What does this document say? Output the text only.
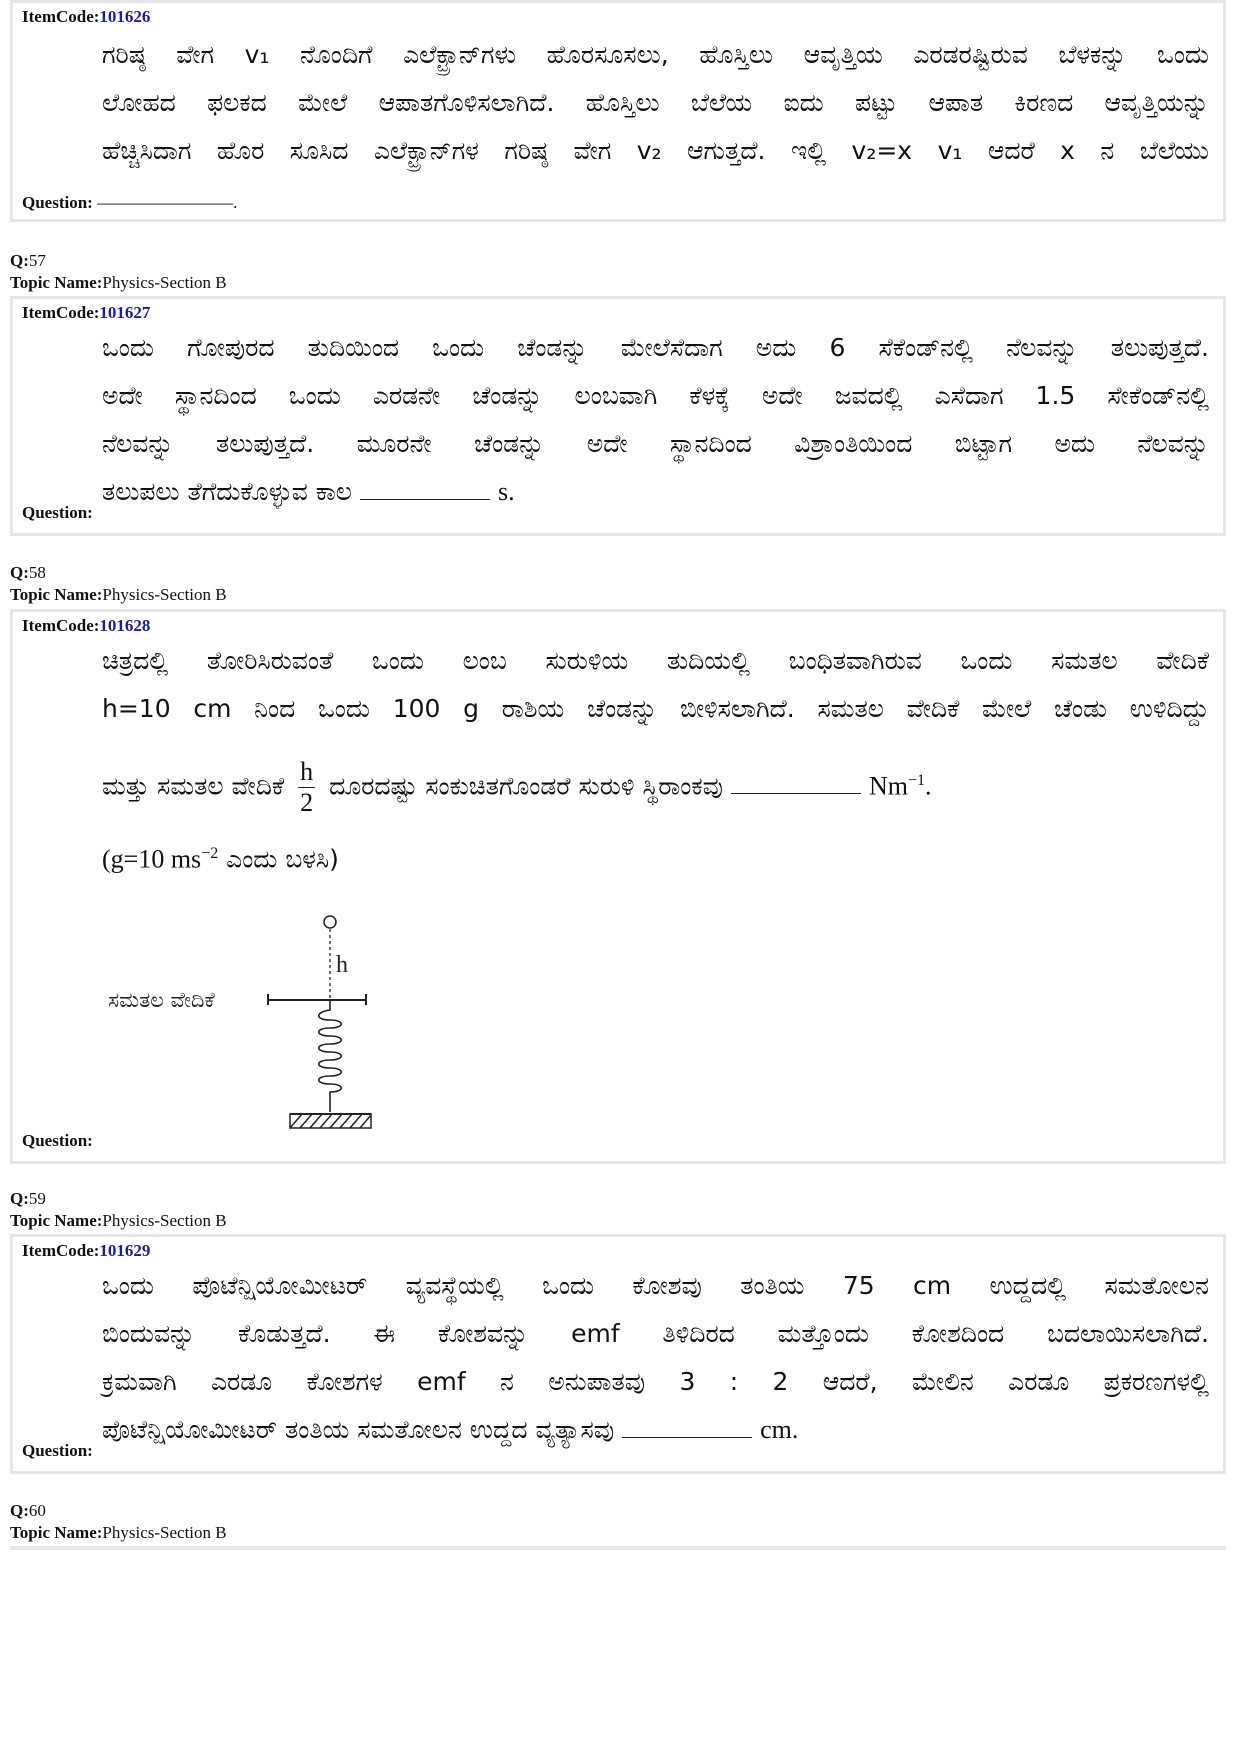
ItemCode:101626
ಗರಿಷ್ಠ ವೇಗ v₁ ನೊಂದಿಗೆ ಎಲೆಕ್ಟ್ರಾನ್‌ಗಳು ಹೊರಸೂಸಲು, ಹೊಸ್ತಿಲು ಆವೃತ್ತಿಯ ಎರಡರಷ್ಟಿರುವ ಬೆಳಕನ್ನು ಒಂದು
ಲೋಹದ ಫಲಕದ ಮೇಲೆ ಆಪಾತಗೊಳಿಸಲಾಗಿದೆ. ಹೊಸ್ತಿಲು ಬೆಲೆಯ ಐದು ಪಟ್ಟು ಆಪಾತ ಕಿರಣದ ಆವೃತ್ತಿಯನ್ನು
ಹೆಚ್ಚಿಸಿದಾಗ ಹೊರ ಸೂಸಿದ ಎಲೆಕ್ಟ್ರಾನ್‌ಗಳ ಗರಿಷ್ಠ ವೇಗ v₂ ಆಗುತ್ತದೆ. ಇಲ್ಲಿ v₂=x v₁ ಆದರೆ x ನ ಬೆಲೆಯು
Question: ————————.
Q:57
Topic Name:Physics-Section B
ItemCode:101627
ಒಂದು ಗೋಪುರದ ತುದಿಯಿಂದ ಒಂದು ಚೆಂಡನ್ನು ಮೇಲೆಸೆದಾಗ ಅದು 6 ಸೆಕೆಂಡ್‌ನಲ್ಲಿ ನೆಲವನ್ನು ತಲುಪುತ್ತದೆ.
ಅದೇ ಸ್ಥಾನದಿಂದ ಒಂದು ಎರಡನೇ ಚೆಂಡನ್ನು ಲಂಬವಾಗಿ ಕೆಳಕ್ಕೆ ಅದೇ ಜವದಲ್ಲಿ ಎಸೆದಾಗ 1.5 ಸೇಕೆಂಡ್‌ನಲ್ಲಿ
ನೆಲವನ್ನು ತಲುಪುತ್ತದೆ. ಮೂರನೇ ಚೆಂಡನ್ನು ಅದೇ ಸ್ಥಾನದಿಂದ ವಿಶ್ರಾಂತಿಯಿಂದ ಬಿಟ್ಟಾಗ ಅದು ನೆಲವನ್ನು
ತಲುಪಲು ತೆಗೆದುಕೊಳ್ಳುವ ಕಾಲ	s.
Question:
Q:58
Topic Name:Physics-Section B
ItemCode:101628
ಚಿತ್ರದಲ್ಲಿ ತೋರಿಸಿರುವಂತೆ ಒಂದು ಲಂಬ ಸುರುಳಿಯ ತುದಿಯಲ್ಲಿ ಬಂಧಿತವಾಗಿರುವ ಒಂದು ಸಮತಲ ವೇದಿಕೆ
h=10 cm ನಿಂದ ಒಂದು 100 g ರಾಶಿಯ ಚೆಂಡನ್ನು ಬೀಳಿಸಲಾಗಿದೆ. ಸಮತಲ ವೇದಿಕೆ ಮೇಲೆ ಚೆಂಡು ಉಳಿದಿದ್ದು
ಮತ್ತು ಸಮತಲ ವೇದಿಕೆ $\frac{h}{2}$ ದೂರದಷ್ಟು ಸಂಕುಚಿತಗೊಂಡರೆ ಸುರುಳಿ ಸ್ಥಿರಾಂಕವು	$Nm^{-1}$.
(g=10 $ms^{-2}$ ಎಂದು ಬಳಸಿ)
h
ಸಮತಲ ವೇದಿಕೆ
Question:
Q:59
Topic Name:Physics-Section B
ItemCode:101629
ಒಂದು ಪೊಟೆನ್ಷಿಯೋಮೀಟರ್ ವ್ಯವಸ್ಥೆಯಲ್ಲಿ ಒಂದು ಕೋಶವು ತಂತಿಯ 75 cm ಉದ್ದದಲ್ಲಿ ಸಮತೋಲನ
ಬಿಂದುವನ್ನು ಕೊಡುತ್ತದೆ. ಈ ಕೋಶವನ್ನು emf ತಿಳಿದಿರದ ಮತ್ತೊಂದು ಕೋಶದಿಂದ ಬದಲಾಯಿಸಲಾಗಿದೆ.
ಕ್ರಮವಾಗಿ ಎರಡೂ ಕೋಶಗಳ emf ನ ಅನುಪಾತವು 3 : 2 ಆದರೆ, ಮೇಲಿನ ಎರಡೂ ಪ್ರಕರಣಗಳಲ್ಲಿ
ಪೊಟೆನ್ಷಿಯೋಮೀಟರ್ ತಂತಿಯ ಸಮತೋಲನ ಉದ್ದದ ವ್ಯತ್ಯಾಸವು	cm.
Question:
Q:60
Topic Name:Physics-Section B
